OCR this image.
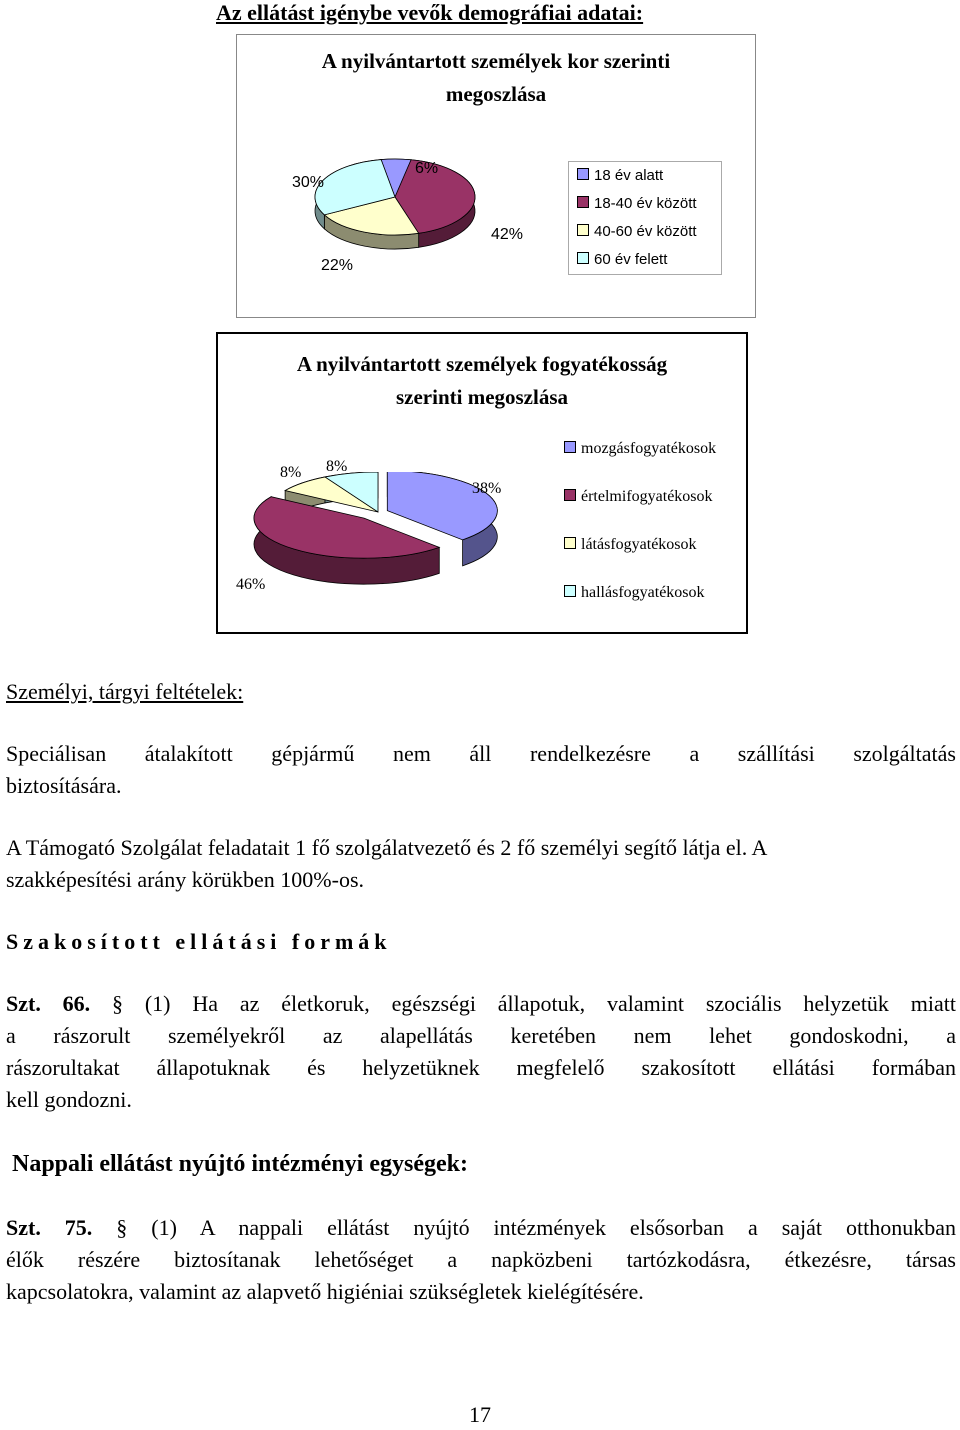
Az ellátást igénybe vevők demográfiai adatai:
A nyilvántartott személyek kor szerinti megoszlása
30%
6%
42%
22%
18 év alatt
18-40 év között
40-60 év között
60 év felett
A nyilvántartott személyek fogyatékosság szerinti megoszlása
8% 8%
38%
46%
mozgásfogyatékosok
értelmifogyatékosok
látásfogyatékosok
hallásfogyatékosok
Személyi, tárgyi feltételek:
Speciálisan átalakított gépjármű nem áll rendelkezésre a szállítási szolgáltatás
biztosítására.
A Támogató Szolgálat feladatait 1 fő szolgálatvezető és 2 fő személyi segítő látja el. A
szakképesítési arány körükben 100%-os.
Szakosított ellátási formák
Szt. 66. § (1) Ha az életkoruk, egészségi állapotuk, valamint szociális helyzetük miatt
a rászorult személyekről az alapellátás keretében nem lehet gondoskodni, a
rászorultakat állapotuknak és helyzetüknek megfelelő szakosított ellátási formában
kell gondozni.
Nappali ellátást nyújtó intézményi egységek:
Szt. 75. § (1) A nappali ellátást nyújtó intézmények elsősorban a saját otthonukban
élők részére biztosítanak lehetőséget a napközbeni tartózkodásra, étkezésre, társas
kapcsolatokra, valamint az alapvető higiéniai szükségletek kielégítésére.
17
